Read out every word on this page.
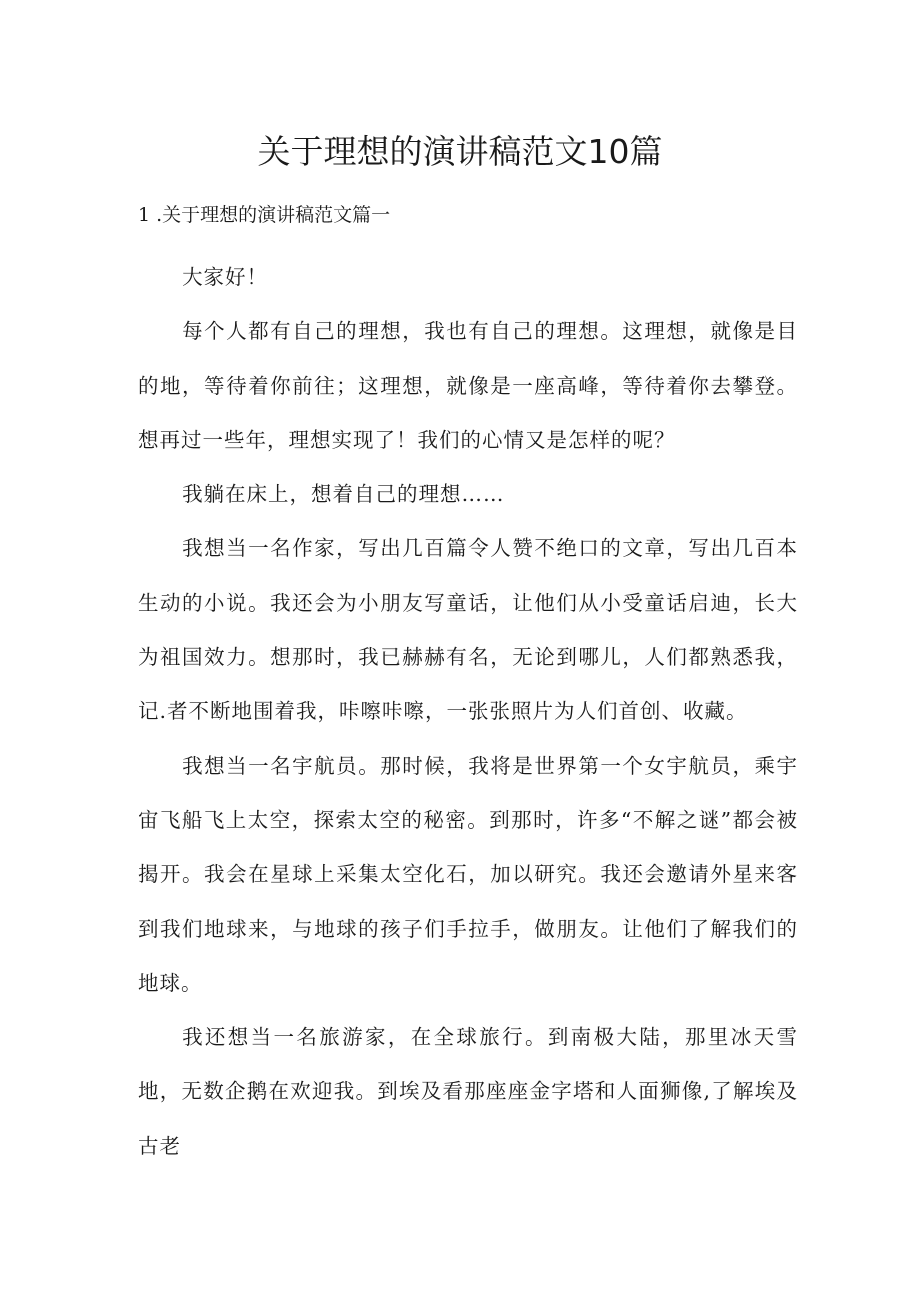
关于理想的演讲稿范文10篇
1 .关于理想的演讲稿范文篇一

大家好！

每个人都有自己的理想，我也有自己的理想。这理想，就像是目的地，等待着你前往；这理想，就像是一座高峰，等待着你去攀登。想再过一些年，理想实现了！我们的心情又是怎样的呢？

我躺在床上，想着自己的理想……

我想当一名作家，写出几百篇令人赞不绝口的文章，写出几百本生动的小说。我还会为小朋友写童话，让他们从小受童话启迪，长大为祖国效力。想那时，我已赫赫有名，无论到哪儿，人们都熟悉我，记.者不断地围着我，咔嚓咔嚓，一张张照片为人们首创、收藏。

我想当一名宇航员。那时候，我将是世界第一个女宇航员，乘宇宙飞船飞上太空，探索太空的秘密。到那时，许多“不解之谜”都会被揭开。我会在星球上采集太空化石，加以研究。我还会邀请外星来客到我们地球来，与地球的孩子们手拉手，做朋友。让他们了解我们的地球。

我还想当一名旅游家，在全球旅行。到南极大陆，那里冰天雪地，无数企鹅在欢迎我。到埃及看那座座金字塔和人面狮像,了解埃及古老
